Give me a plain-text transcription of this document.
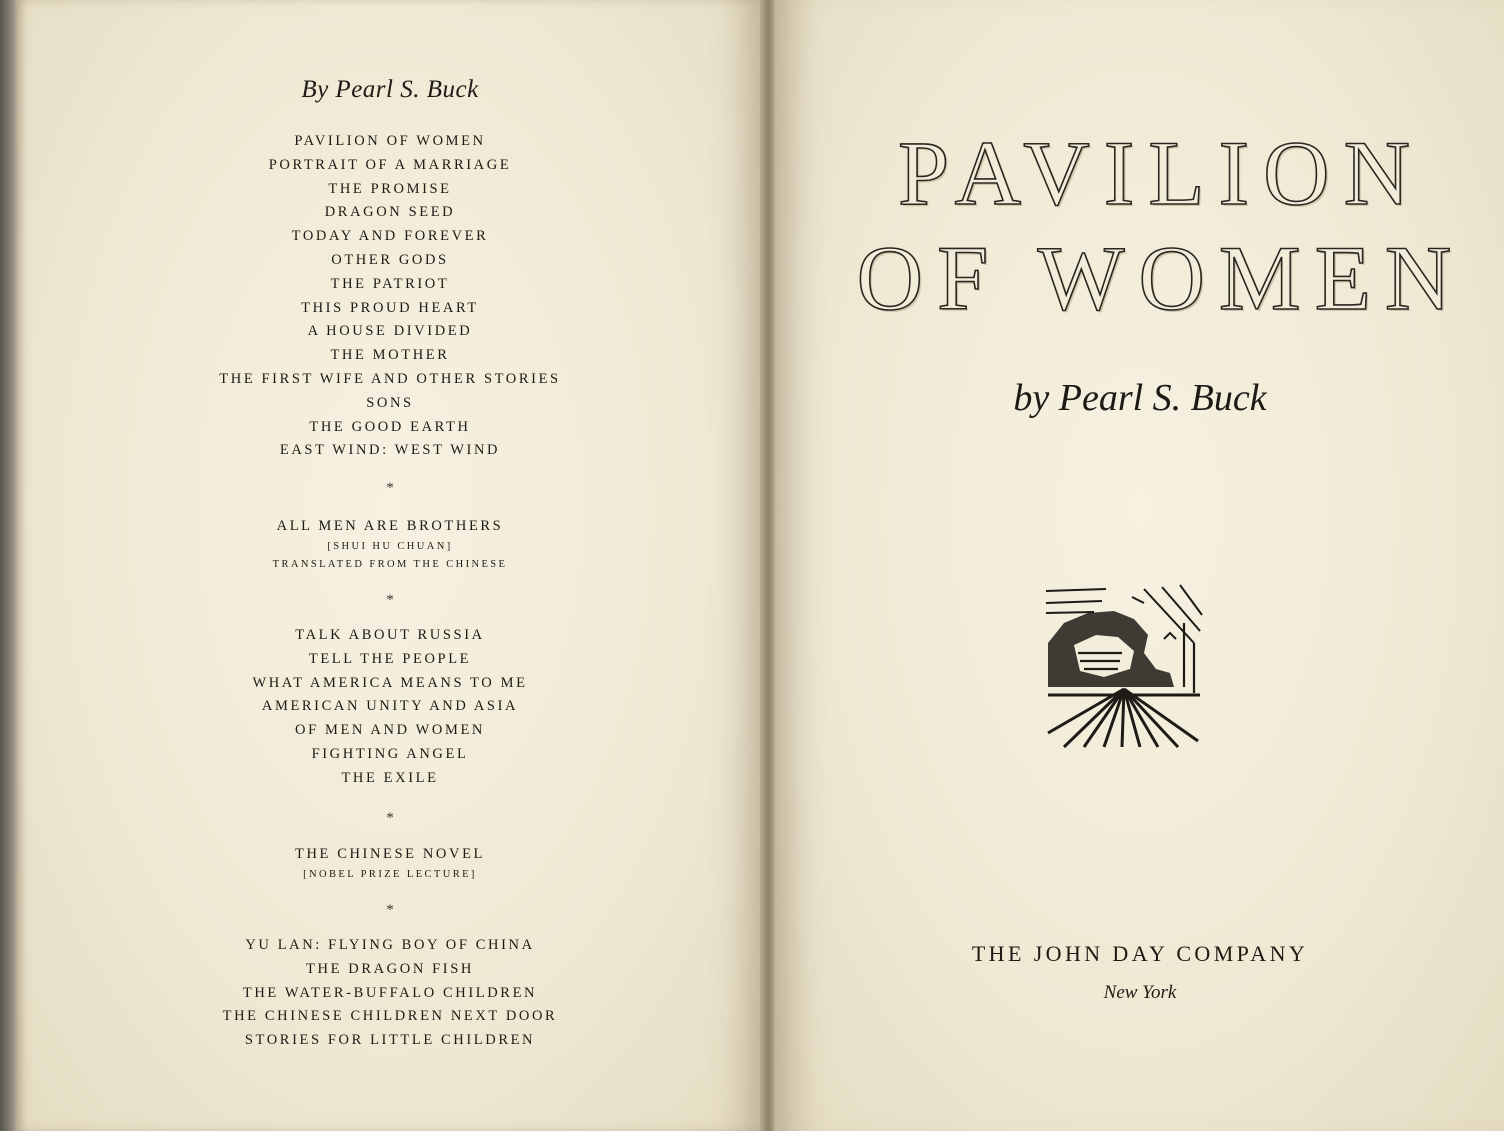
By Pearl S. Buck
PAVILION OF WOMEN
PORTRAIT OF A MARRIAGE
THE PROMISE
DRAGON SEED
TODAY AND FOREVER
OTHER GODS
THE PATRIOT
THIS PROUD HEART
A HOUSE DIVIDED
THE MOTHER
THE FIRST WIFE AND OTHER STORIES
SONS
THE GOOD EARTH
EAST WIND: WEST WIND
*
ALL MEN ARE BROTHERS
[SHUI HU CHUAN]
TRANSLATED FROM THE CHINESE
*
TALK ABOUT RUSSIA
TELL THE PEOPLE
WHAT AMERICA MEANS TO ME
AMERICAN UNITY AND ASIA
OF MEN AND WOMEN
FIGHTING ANGEL
THE EXILE
*
THE CHINESE NOVEL
[NOBEL PRIZE LECTURE]
*
YU LAN: FLYING BOY OF CHINA
THE DRAGON FISH
THE WATER-BUFFALO CHILDREN
THE CHINESE CHILDREN NEXT DOOR
STORIES FOR LITTLE CHILDREN
PAVILION
OF WOMEN
by Pearl S. Buck
THE JOHN DAY COMPANY
New York
